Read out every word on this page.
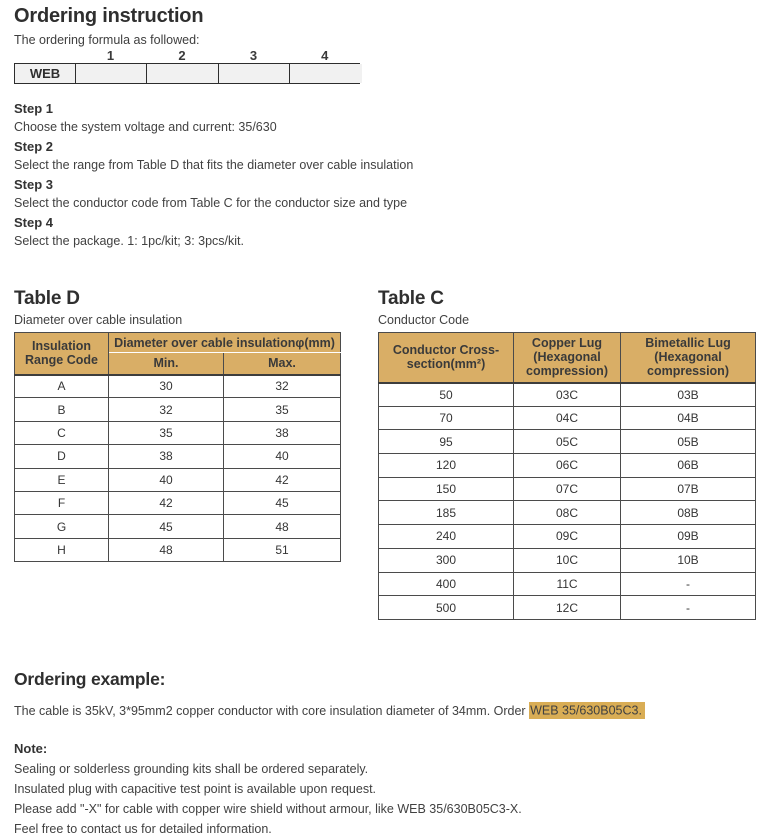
Ordering instruction

The ordering formula as followed:

1	2	3	4
WEB
Step 1
Choose the system voltage and current: 35/630
Step 2
Select the range from Table D that fits the diameter over cable insulation
Step 3
Select the conductor code from Table C for the conductor size and type
Step 4
Select the package. 1: 1pc/kit; 3: 3pcs/kit.
Table D

Diameter over cable insulation

Insulation Range Code	Diameter over cable insulationφ(mm)	
	Min.	Max.
A	30	32
B	32	35
C	35	38
D	38	40
E	40	42
F	42	45
G	45	48
H	48	51
Table C

Conductor Code

Conductor Cross-section(mm²)	Copper Lug (Hexagonal compression)	Bimetallic Lug (Hexagonal compression)
50	03C	03B
70	04C	04B
95	05C	05B
120	06C	06B
150	07C	07B
185	08C	08B
240	09C	09B
300	10C	10B
400	11C	-
500	12C	-
Ordering example:

The cable is 35kV, 3*95mm2 copper conductor with core insulation diameter of 34mm. Order WEB 35/630B05C3.

Note:
Sealing or solderless grounding kits shall be ordered separately.
Insulated plug with capacitive test point is available upon request.
Please add "-X" for cable with copper wire shield without armour, like WEB 35/630B05C3-X.
Feel free to contact us for detailed information.
